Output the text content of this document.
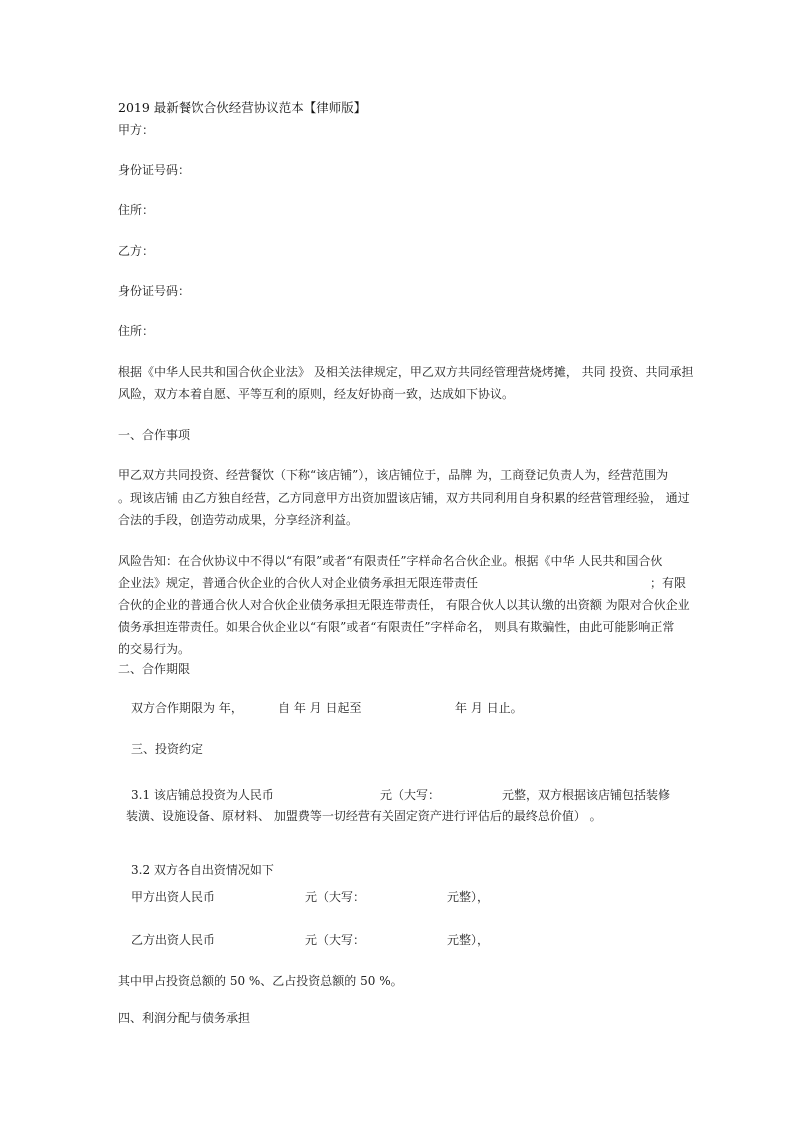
2019 最新餐饮合伙经营协议范本【律师版】
甲方：
身份证号码：
住所：
乙方：
身份证号码：
住所：
根据《中华人民共和国合伙企业法》 及相关法律规定，甲乙双方共同经管理营烧烤摊， 共同 投资、共同承担
风险，双方本着自愿、平等互利的原则，经友好协商一致，达成如下协议。
一、合作事项
甲乙双方共同投资、经营餐饮（下称“该店铺”），该店铺位于，品牌 为，工商登记负责人为，经营范围为
。现该店铺 由乙方独自经营，乙方同意甲方出资加盟该店铺，双方共同利用自身积累的经营管理经验， 通过
合法的手段，创造劳动成果，分享经济利益。
风险告知：在合伙协议中不得以“有限”或者“有限责任”字样命名合伙企业。根据《中华 人民共和国合伙
企业法》规定，普通合伙企业的合伙人对企业债务承担无限连带责任	；有限
合伙的企业的普通合伙人对合伙企业债务承担无限连带责任， 有限合伙人以其认缴的出资额 为限对合伙企业
债务承担连带责任。如果合伙企业以“有限”或者“有限责任”字样命名， 则具有欺骗性，由此可能影响正常
的交易行为。
二、合作期限
双方合作期限为 年，	自 年 月 日起至	年 月 日止。
三、投资约定
3.1 该店铺总投资为人民币	元（大写：	元整，双方根据该店铺包括装修
装潢、设施设备、原材料、 加盟费等一切经营有关固定资产进行评估后的最终总价值） 。
3.2 双方各自出资情况如下
甲方出资人民币	元（大写：	元整），
乙方出资人民币	元（大写：	元整），
其中甲占投资总额的 50 %、乙占投资总额的 50 %。
四、利润分配与债务承担
